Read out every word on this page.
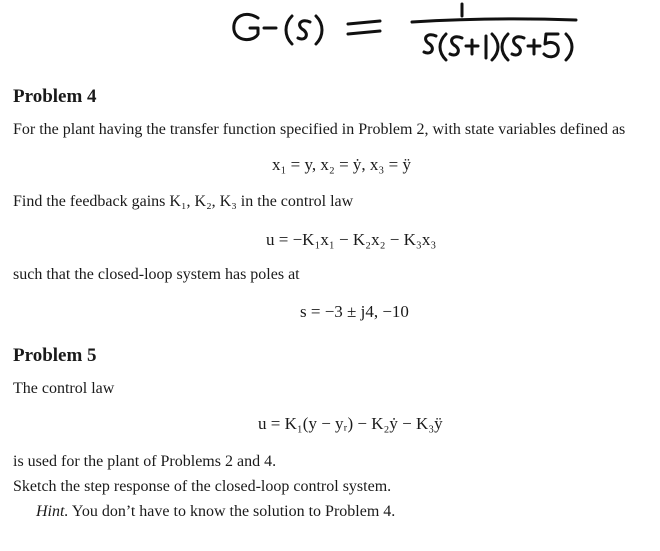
Problem 4
For the plant having the transfer function specified in Problem 2, with state variables defined as
x₁ = y, x₂ = ẏ, x₃ = ÿ
Find the feedback gains K₁, K₂, K₃ in the control law
u = −K₁x₁ − K₂x₂ − K₃x₃
such that the closed-loop system has poles at
s = −3 ± j4, −10
Problem 5
The control law
u = K₁(y − yᵣ) − K₂ẏ − K₃ÿ
is used for the plant of Problems 2 and 4.
Sketch the step response of the closed-loop control system.
Hint. You don’t have to know the solution to Problem 4.
